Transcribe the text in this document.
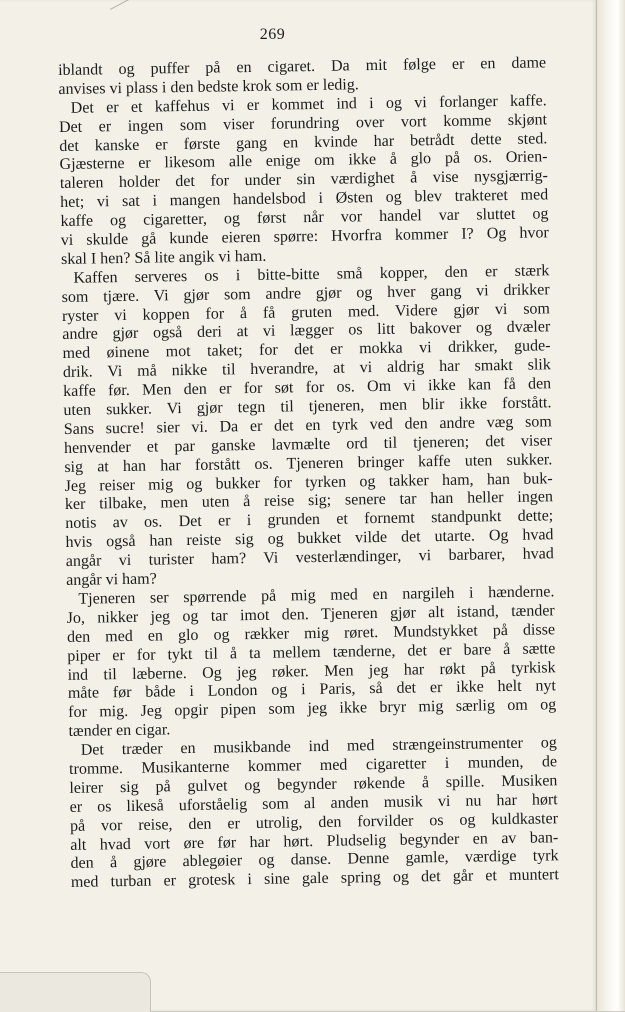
269
iblandt og puffer på en cigaret. Da mit følge er en dame
anvises vi plass i den bedste krok som er ledig.
Det er et kaffehus vi er kommet ind i og vi forlanger kaffe.
Det er ingen som viser forundring over vort komme skjønt
det kanske er første gang en kvinde har betrådt dette sted.
Gjæsterne er likesom alle enige om ikke å glo på os. Orien-
taleren holder det for under sin værdighet å vise nysgjærrig-
het; vi sat i mangen handelsbod i Østen og blev trakteret med
kaffe og cigaretter, og først når vor handel var sluttet og
vi skulde gå kunde eieren spørre: Hvorfra kommer I? Og hvor
skal I hen? Så lite angik vi ham.
Kaffen serveres os i bitte-bitte små kopper, den er stærk
som tjære. Vi gjør som andre gjør og hver gang vi drikker
ryster vi koppen for å få gruten med. Videre gjør vi som
andre gjør også deri at vi lægger os litt bakover og dvæler
med øinene mot taket; for det er mokka vi drikker, gude-
drik. Vi må nikke til hverandre, at vi aldrig har smakt slik
kaffe før. Men den er for søt for os. Om vi ikke kan få den
uten sukker. Vi gjør tegn til tjeneren, men blir ikke forstått.
Sans sucre! sier vi. Da er det en tyrk ved den andre væg som
henvender et par ganske lavmælte ord til tjeneren; det viser
sig at han har forstått os. Tjeneren bringer kaffe uten sukker.
Jeg reiser mig og bukker for tyrken og takker ham, han buk-
ker tilbake, men uten å reise sig; senere tar han heller ingen
notis av os. Det er i grunden et fornemt standpunkt dette;
hvis også han reiste sig og bukket vilde det utarte. Og hvad
angår vi turister ham? Vi vesterlændinger, vi barbarer, hvad
angår vi ham?
Tjeneren ser spørrende på mig med en nargileh i hænderne.
Jo, nikker jeg og tar imot den. Tjeneren gjør alt istand, tænder
den med en glo og rækker mig røret. Mundstykket på disse
piper er for tykt til å ta mellem tænderne, det er bare å sætte
ind til læberne. Og jeg røker. Men jeg har røkt på tyrkisk
måte før både i London og i Paris, så det er ikke helt nyt
for mig. Jeg opgir pipen som jeg ikke bryr mig særlig om og
tænder en cigar.
Det træder en musikbande ind med strængeinstrumenter og
tromme. Musikanterne kommer med cigaretter i munden, de
leirer sig på gulvet og begynder røkende å spille. Musiken
er os likeså uforståelig som al anden musik vi nu har hørt
på vor reise, den er utrolig, den forvilder os og kuldkaster
alt hvad vort øre før har hørt. Pludselig begynder en av ban-
den å gjøre ablegøier og danse. Denne gamle, værdige tyrk
med turban er grotesk i sine gale spring og det går et muntert
